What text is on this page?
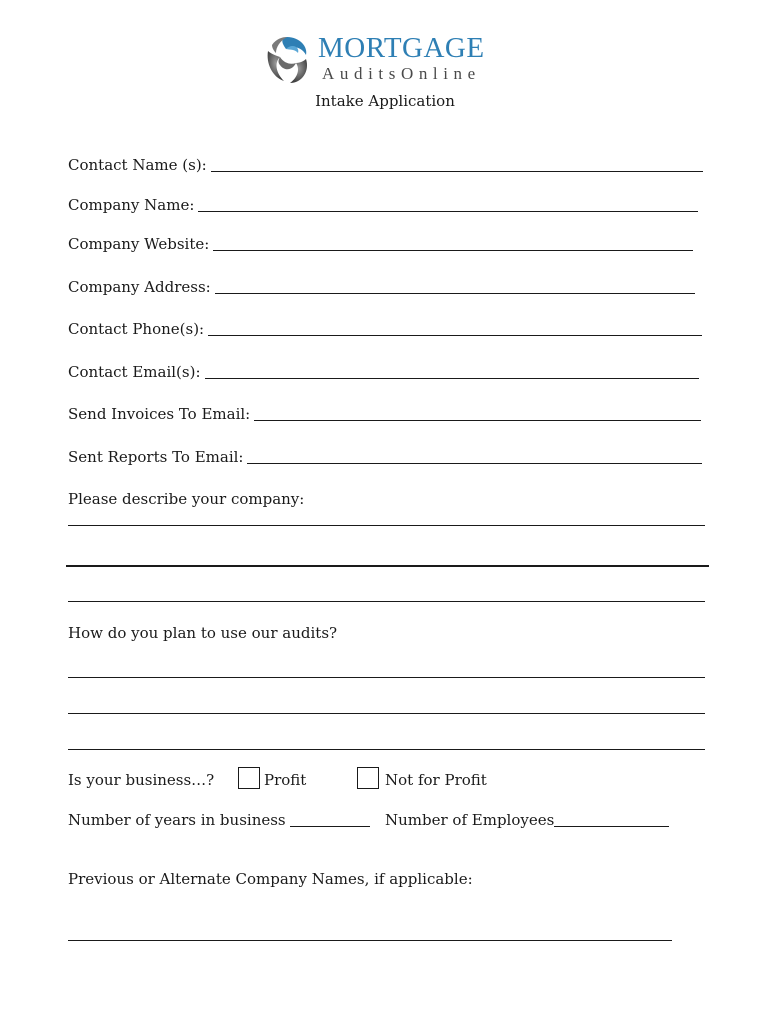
MORTGAGE
AuditsOnline
Intake Application
Contact Name (s):
Company Name:
Company Website:
Company Address:
Contact Phone(s):
Contact Email(s):
Send Invoices To Email:
Sent Reports To Email:
Please describe your company:
How do you plan to use our audits?
Is your business…?	Profit	Not for Profit
Number of years in business	Number of Employees
Previous or Alternate Company Names, if applicable:
